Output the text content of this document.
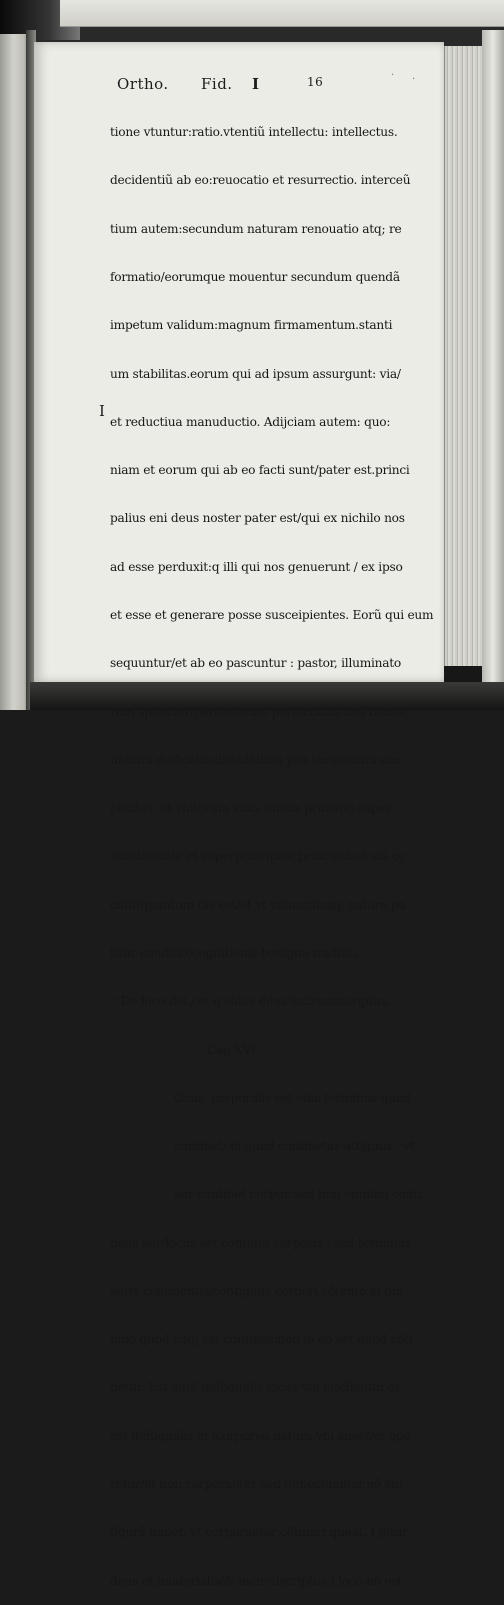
· ·
Ortho. Fid. I	16

tione vtuntur:ratio.vtentiũ intellectu: intellectus.

decidentiũ ab eo:reuocatio et resurrectio. interceũ

tium autem:secundum naturam renouatio atq; re

formatio/eorumque mouentur secundum quendã

impetum validum:magnum firmamentum.stanti

um stabilitas.eorum qui ad ipsum assurgunt: via/

et reductiua manuductio. Adijciam autem: quo:

niam et eorum qui ab eo facti sunt/pater est.princi

palius eni deus noster pater est/qui ex nichilo nos

ad esse perduxit:q illi qui nos genuerunt / ex ipso

et esse et generare posse susceipientes. Eorũ qui eum

sequuntur/et ab eo pascuntur : pastor, illuminato

rum splendor/perfectorum perfectio.in deũ transe

untium deificatio.dissidẽtium pax.simplicium sim

plicitas. et vnitorum vnio. omnis principij super

substantiale et superprincipale principiũ.et sui oc

culti(quantum fas est/et vt vniuscuiusq; nature pa

titur conditio)cognitionis benigna traditio.

☞De loco dei / et q solus deus incircunscriptus.

Cap.XVI.

Ocus: corporalis est eius terminus quod

continet/ ei quod continetur attiguus . vt

aer continet corpus:sed non omnino conti

nens aer/locus est contenti corporis : sed terminus

aeris continentis/contiguus corpori cõtento.et om

nino quod cũq; est continẽs:non in eo est quod cõti

netur. Est autẽ itelligibilis locus:vbi intelligitur.et

est itelligibilis et icorporea natura:vbi adest/et ope

ratur/et non corporaliter sed itellectualiter.nõ eni

figurã habet: vt corporaliter cõtineri queat. I gitur

deus et imaterialis/& incircũscriptus:i loco nõ est.

I
